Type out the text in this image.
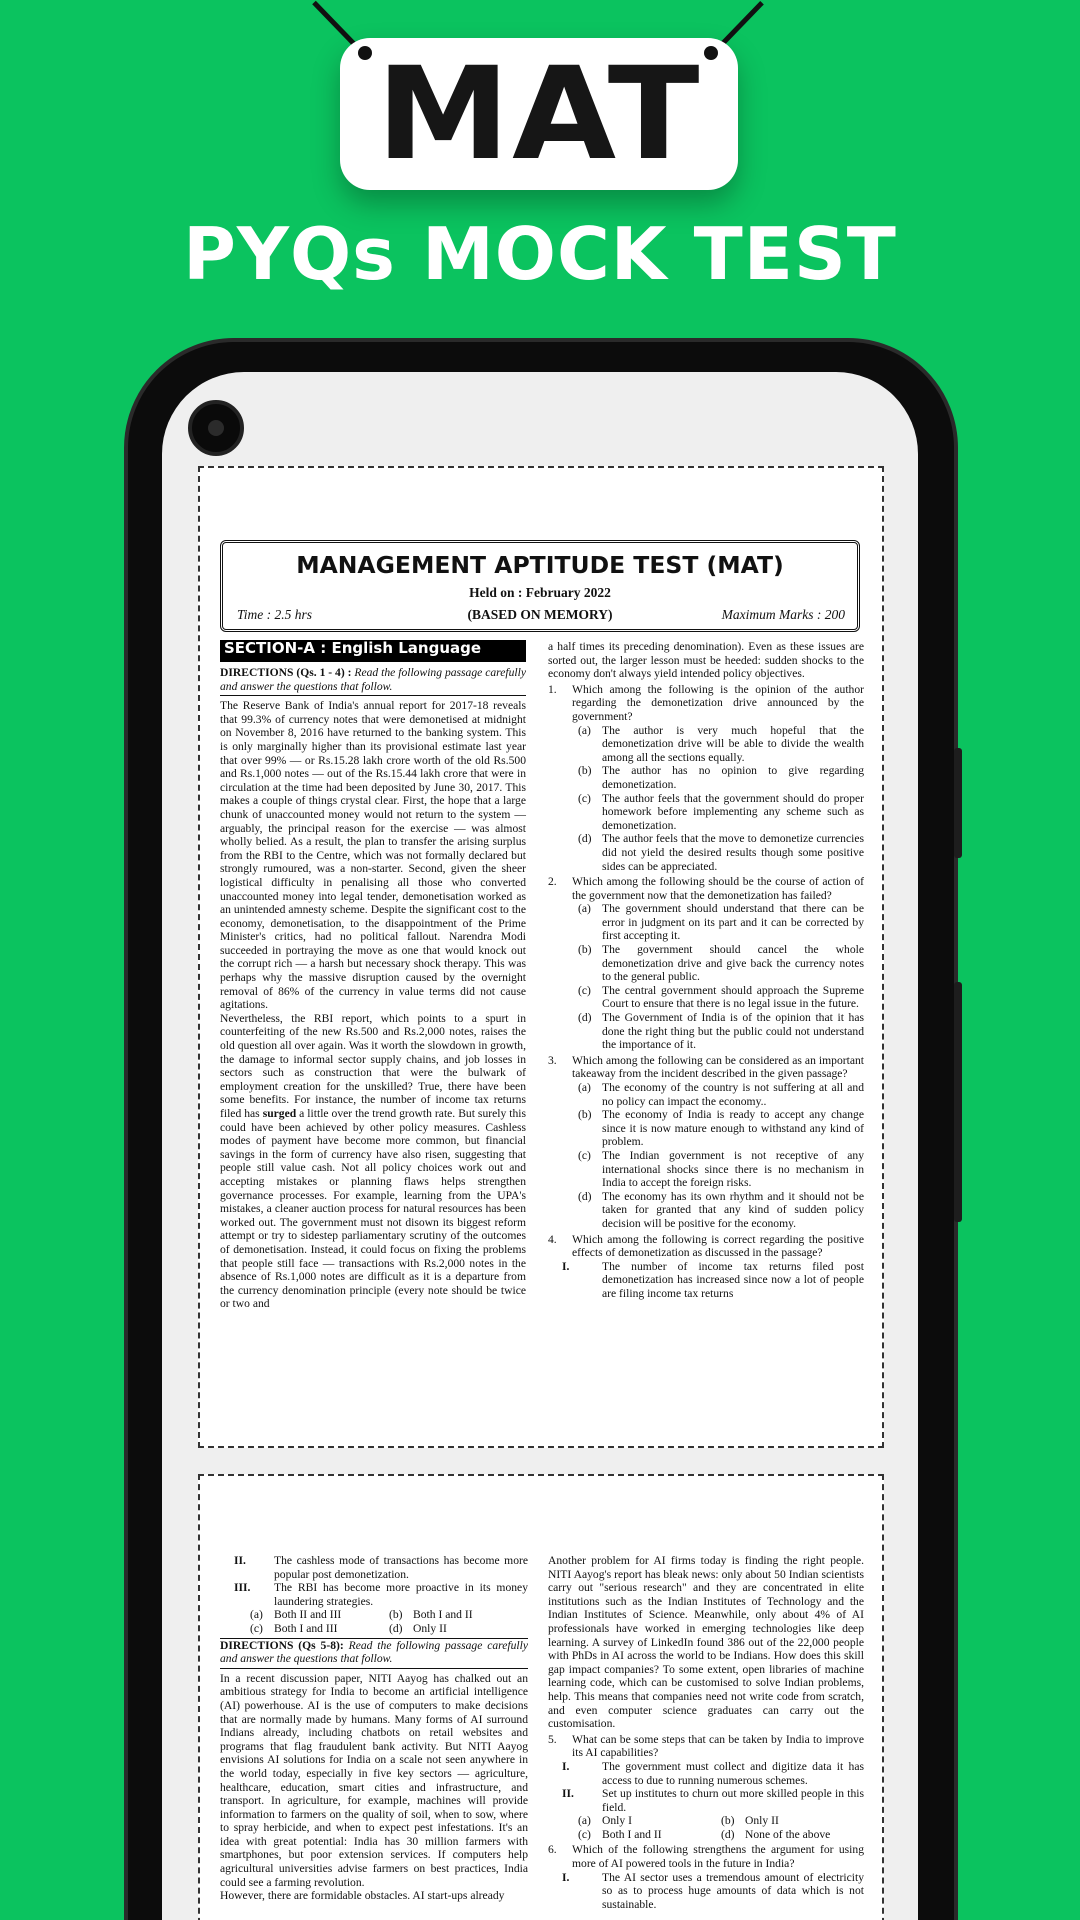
MAT
PYQs MOCK TEST
MANAGEMENT APTITUDE TEST (MAT)
Held on : February 2022
Time : 2.5 hrs	(BASED ON MEMORY)	Maximum Marks : 200
SECTION-A : English Language
DIRECTIONS (Qs. 1 - 4) : Read the following passage carefully and answer the questions that follow.
The Reserve Bank of India's annual report for 2017-18 reveals that 99.3% of currency notes that were demonetised at midnight on November 8, 2016 have returned to the banking system. This is only marginally higher than its provisional estimate last year that over 99% — or Rs.15.28 lakh crore worth of the old Rs.500 and Rs.1,000 notes — out of the Rs.15.44 lakh crore that were in circulation at the time had been deposited by June 30, 2017. This makes a couple of things crystal clear. First, the hope that a large chunk of unaccounted money would not return to the system — arguably, the principal reason for the exercise — was almost wholly belied. As a result, the plan to transfer the arising surplus from the RBI to the Centre, which was not formally declared but strongly rumoured, was a non-starter. Second, given the sheer logistical difficulty in penalising all those who converted unaccounted money into legal tender, demonetisation worked as an unintended amnesty scheme. Despite the significant cost to the economy, demonetisation, to the disappointment of the Prime Minister's critics, had no political fallout. Narendra Modi succeeded in portraying the move as one that would knock out the corrupt rich — a harsh but necessary shock therapy. This was perhaps why the massive disruption caused by the overnight removal of 86% of the currency in value terms did not cause agitations.
Nevertheless, the RBI report, which points to a spurt in counterfeiting of the new Rs.500 and Rs.2,000 notes, raises the old question all over again. Was it worth the slowdown in growth, the damage to informal sector supply chains, and job losses in sectors such as construction that were the bulwark of employment creation for the unskilled? True, there have been some benefits. For instance, the number of income tax returns filed has surged a little over the trend growth rate. But surely this could have been achieved by other policy measures. Cashless modes of payment have become more common, but financial savings in the form of currency have also risen, suggesting that people still value cash. Not all policy choices work out and accepting mistakes or planning flaws helps strengthen governance processes. For example, learning from the UPA's mistakes, a cleaner auction process for natural resources has been worked out. The government must not disown its biggest reform attempt or try to sidestep parliamentary scrutiny of the outcomes of demonetisation. Instead, it could focus on fixing the problems that people still face — transactions with Rs.2,000 notes in the absence of Rs.1,000 notes are difficult as it is a departure from the currency denomination principle (every note should be twice or two and
a half times its preceding denomination). Even as these issues are sorted out, the larger lesson must be heeded: sudden shocks to the economy don't always yield intended policy objectives.
1. Which among the following is the opinion of the author regarding the demonetization drive announced by the government?
(a) The author is very much hopeful that the demonetization drive will be able to divide the wealth among all the sections equally.
(b) The author has no opinion to give regarding demonetization.
(c) The author feels that the government should do proper homework before implementing any scheme such as demonetization.
(d) The author feels that the move to demonetize currencies did not yield the desired results though some positive sides can be appreciated.
2. Which among the following should be the course of action of the government now that the demonetization has failed?
(a) The government should understand that there can be error in judgment on its part and it can be corrected by first accepting it.
(b) The government should cancel the whole demonetization drive and give back the currency notes to the general public.
(c) The central government should approach the Supreme Court to ensure that there is no legal issue in the future.
(d) The Government of India is of the opinion that it has done the right thing but the public could not understand the importance of it.
3. Which among the following can be considered as an important takeaway from the incident described in the given passage?
(a) The economy of the country is not suffering at all and no policy can impact the economy..
(b) The economy of India is ready to accept any change since it is now mature enough to withstand any kind of problem.
(c) The Indian government is not receptive of any international shocks since there is no mechanism in India to accept the foreign risks.
(d) The economy has its own rhythm and it should not be taken for granted that any kind of sudden policy decision will be positive for the economy.
4. Which among the following is correct regarding the positive effects of demonetization as discussed in the passage?
I.	The number of income tax returns filed post demonetization has increased since now a lot of people are filing income tax returns
II. The cashless mode of transactions has become more popular post demonetization.
III. The RBI has become more proactive in its money laundering strategies.
(a) Both II and III	(b) Both I and II
(c) Both I and III	(d) Only II
DIRECTIONS (Qs 5-8): Read the following passage carefully and answer the questions that follow.
In a recent discussion paper, NITI Aayog has chalked out an ambitious strategy for India to become an artificial intelligence (AI) powerhouse. AI is the use of computers to make decisions that are normally made by humans. Many forms of AI surround Indians already, including chatbots on retail websites and programs that flag fraudulent bank activity. But NITI Aayog envisions AI solutions for India on a scale not seen anywhere in the world today, especially in five key sectors — agriculture, healthcare, education, smart cities and infrastructure, and transport. In agriculture, for example, machines will provide information to farmers on the quality of soil, when to sow, where to spray herbicide, and when to expect pest infestations. It's an idea with great potential: India has 30 million farmers with smartphones, but poor extension services. If computers help agricultural universities advise farmers on best practices, India could see a farming revolution.
However, there are formidable obstacles. AI start-ups already
Another problem for AI firms today is finding the right people. NITI Aayog's report has bleak news: only about 50 Indian scientists carry out "serious research" and they are concentrated in elite institutions such as the Indian Institutes of Technology and the Indian Institutes of Science. Meanwhile, only about 4% of AI professionals have worked in emerging technologies like deep learning. A survey of LinkedIn found 386 out of the 22,000 people with PhDs in AI across the world to be Indians. How does this skill gap impact companies? To some extent, open libraries of machine learning code, which can be customised to solve Indian problems, help. This means that companies need not write code from scratch, and even computer science graduates can carry out the customisation.
5. What can be some steps that can be taken by India to improve its AI capabilities?
I.	The government must collect and digitize data it has access to due to running numerous schemes.
II. Set up institutes to churn out more skilled people in this field.
(a) Only I	(b) Only II
(c) Both I and II	(d) None of the above
6. Which of the following strengthens the argument for using more of AI powered tools in the future in India?
I.	The AI sector uses a tremendous amount of electricity so as to process huge amounts of data which is not sustainable.
